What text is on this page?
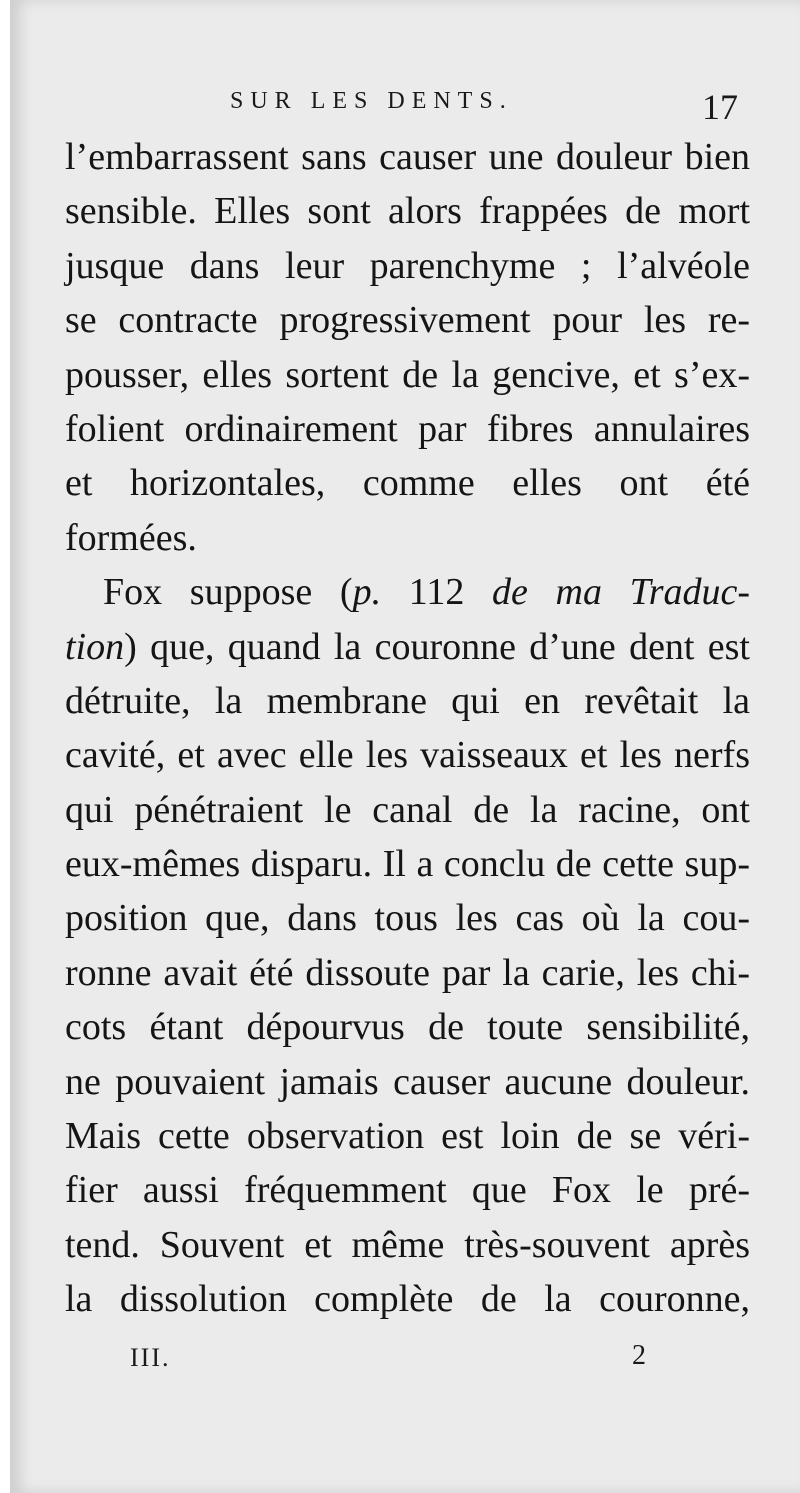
SUR LES DENTS.	17
l’embarrassent sans causer une douleur bien
sensible. Elles sont alors frappées de mort
jusque dans leur parenchyme ; l’alvéole
se contracte progressivement pour les re-
pousser, elles sortent de la gencive, et s’ex-
folient ordinairement par fibres annulaires
et horizontales, comme elles ont été
formées.
Fox suppose (p. 112 de ma Traduc-
tion) que, quand la couronne d’une dent est
détruite, la membrane qui en revêtait la
cavité, et avec elle les vaisseaux et les nerfs
qui pénétraient le canal de la racine, ont
eux-mêmes disparu. Il a conclu de cette sup-
position que, dans tous les cas où la cou-
ronne avait été dissoute par la carie, les chi-
cots étant dépourvus de toute sensibilité,
ne pouvaient jamais causer aucune douleur.
Mais cette observation est loin de se véri-
fier aussi fréquemment que Fox le pré-
tend. Souvent et même très-souvent après
la dissolution complète de la couronne,
III.	2
